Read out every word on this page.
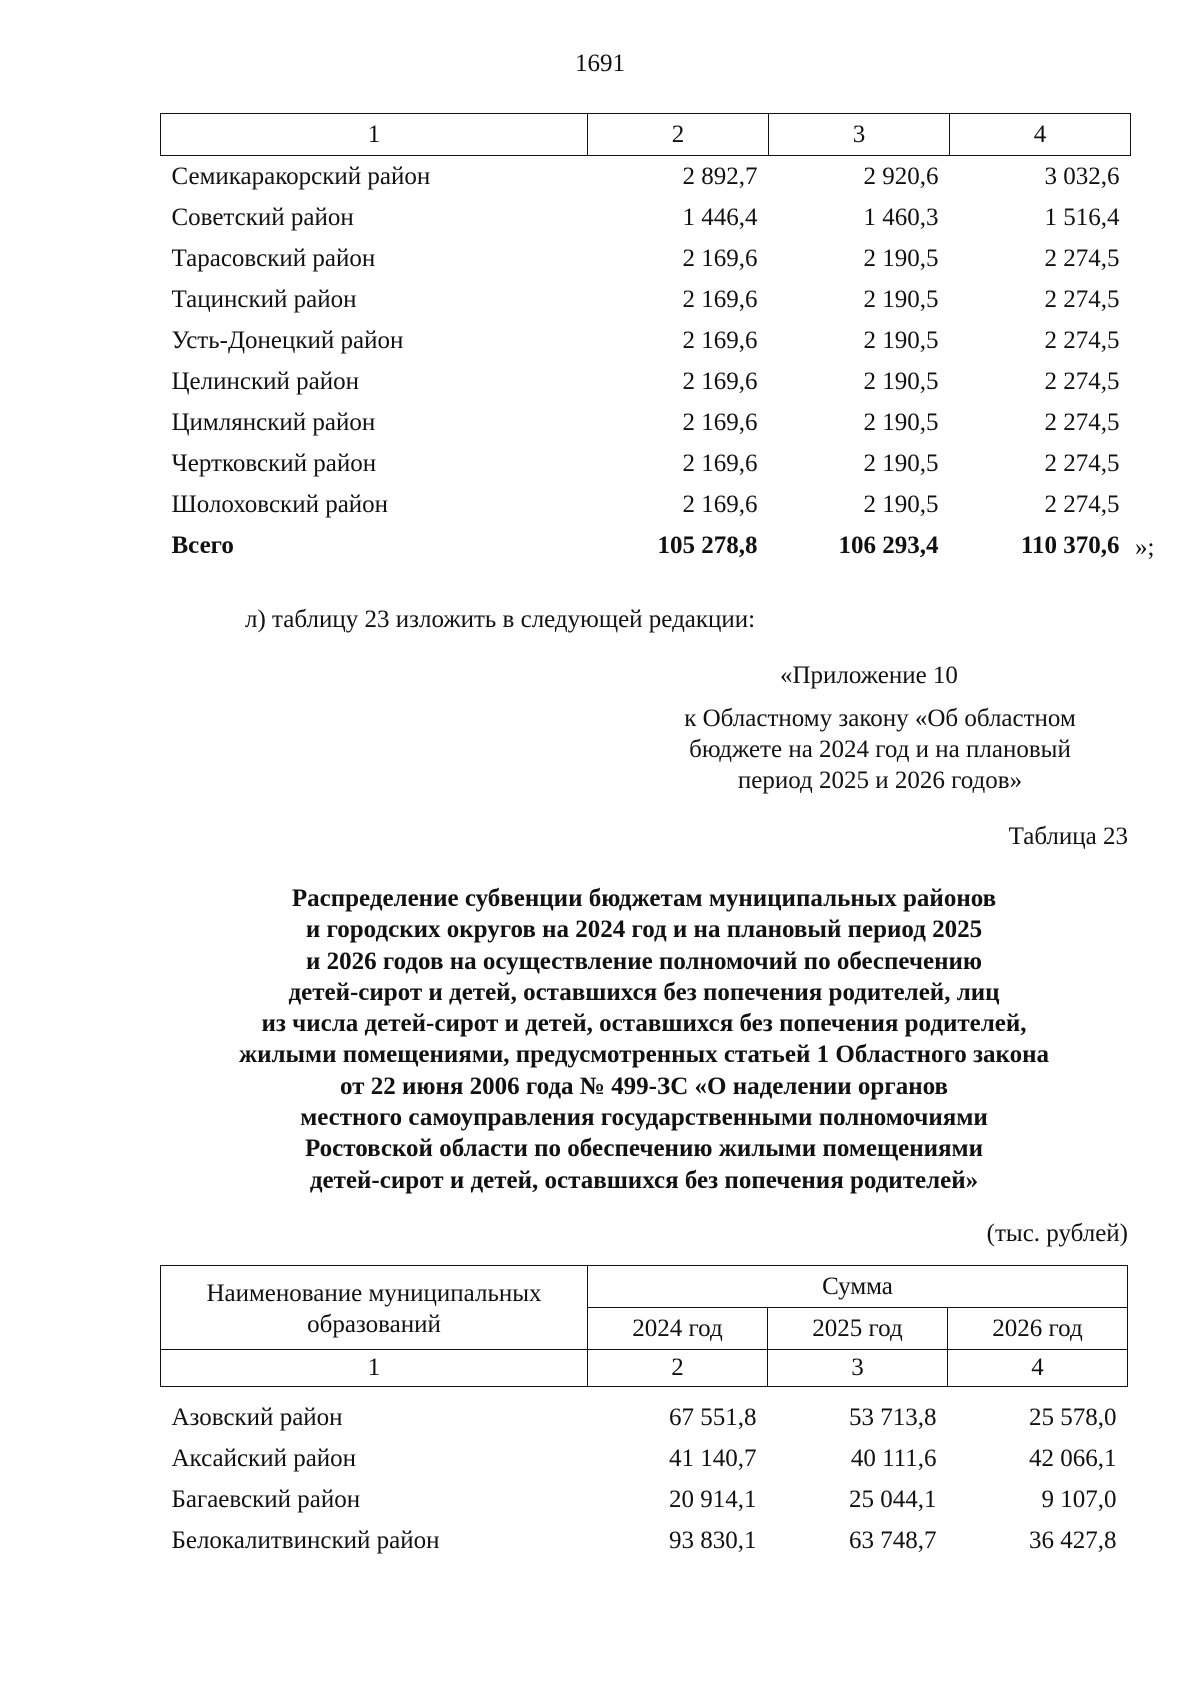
1691
1	2	3	4
Семикаракорский район	2 892,7	2 920,6	3 032,6
Советский район	1 446,4	1 460,3	1 516,4
Тарасовский район	2 169,6	2 190,5	2 274,5
Тацинский район	2 169,6	2 190,5	2 274,5
Усть-Донецкий район	2 169,6	2 190,5	2 274,5
Целинский район	2 169,6	2 190,5	2 274,5
Цимлянский район	2 169,6	2 190,5	2 274,5
Чертковский район	2 169,6	2 190,5	2 274,5
Шолоховский район	2 169,6	2 190,5	2 274,5
Всего	105 278,8	106 293,4	110 370,6 »;
л) таблицу 23 изложить в следующей редакции:
«Приложение 10
к Областному закону «Об областном
бюджете на 2024 год и на плановый
период 2025 и 2026 годов»
Таблица 23
Распределение субвенции бюджетам муниципальных районов
и городских округов на 2024 год и на плановый период 2025
и 2026 годов на осуществление полномочий по обеспечению
детей-сирот и детей, оставшихся без попечения родителей, лиц
из числа детей-сирот и детей, оставшихся без попечения родителей,
жилыми помещениями, предусмотренных статьей 1 Областного закона
от 22 июня 2006 года № 499-ЗС «О наделении органов
местного самоуправления государственными полномочиями
Ростовской области по обеспечению жилыми помещениями
детей-сирот и детей, оставшихся без попечения родителей»
(тыс. рублей)
Наименование муниципальных
образований	Сумма		
	2024 год	2025 год	2026 год
1	2	3	4

Азовский район	67 551,8	53 713,8	25 578,0
Аксайский район	41 140,7	40 111,6	42 066,1
Багаевский район	20 914,1	25 044,1	9 107,0
Белокалитвинский район	93 830,1	63 748,7	36 427,8
